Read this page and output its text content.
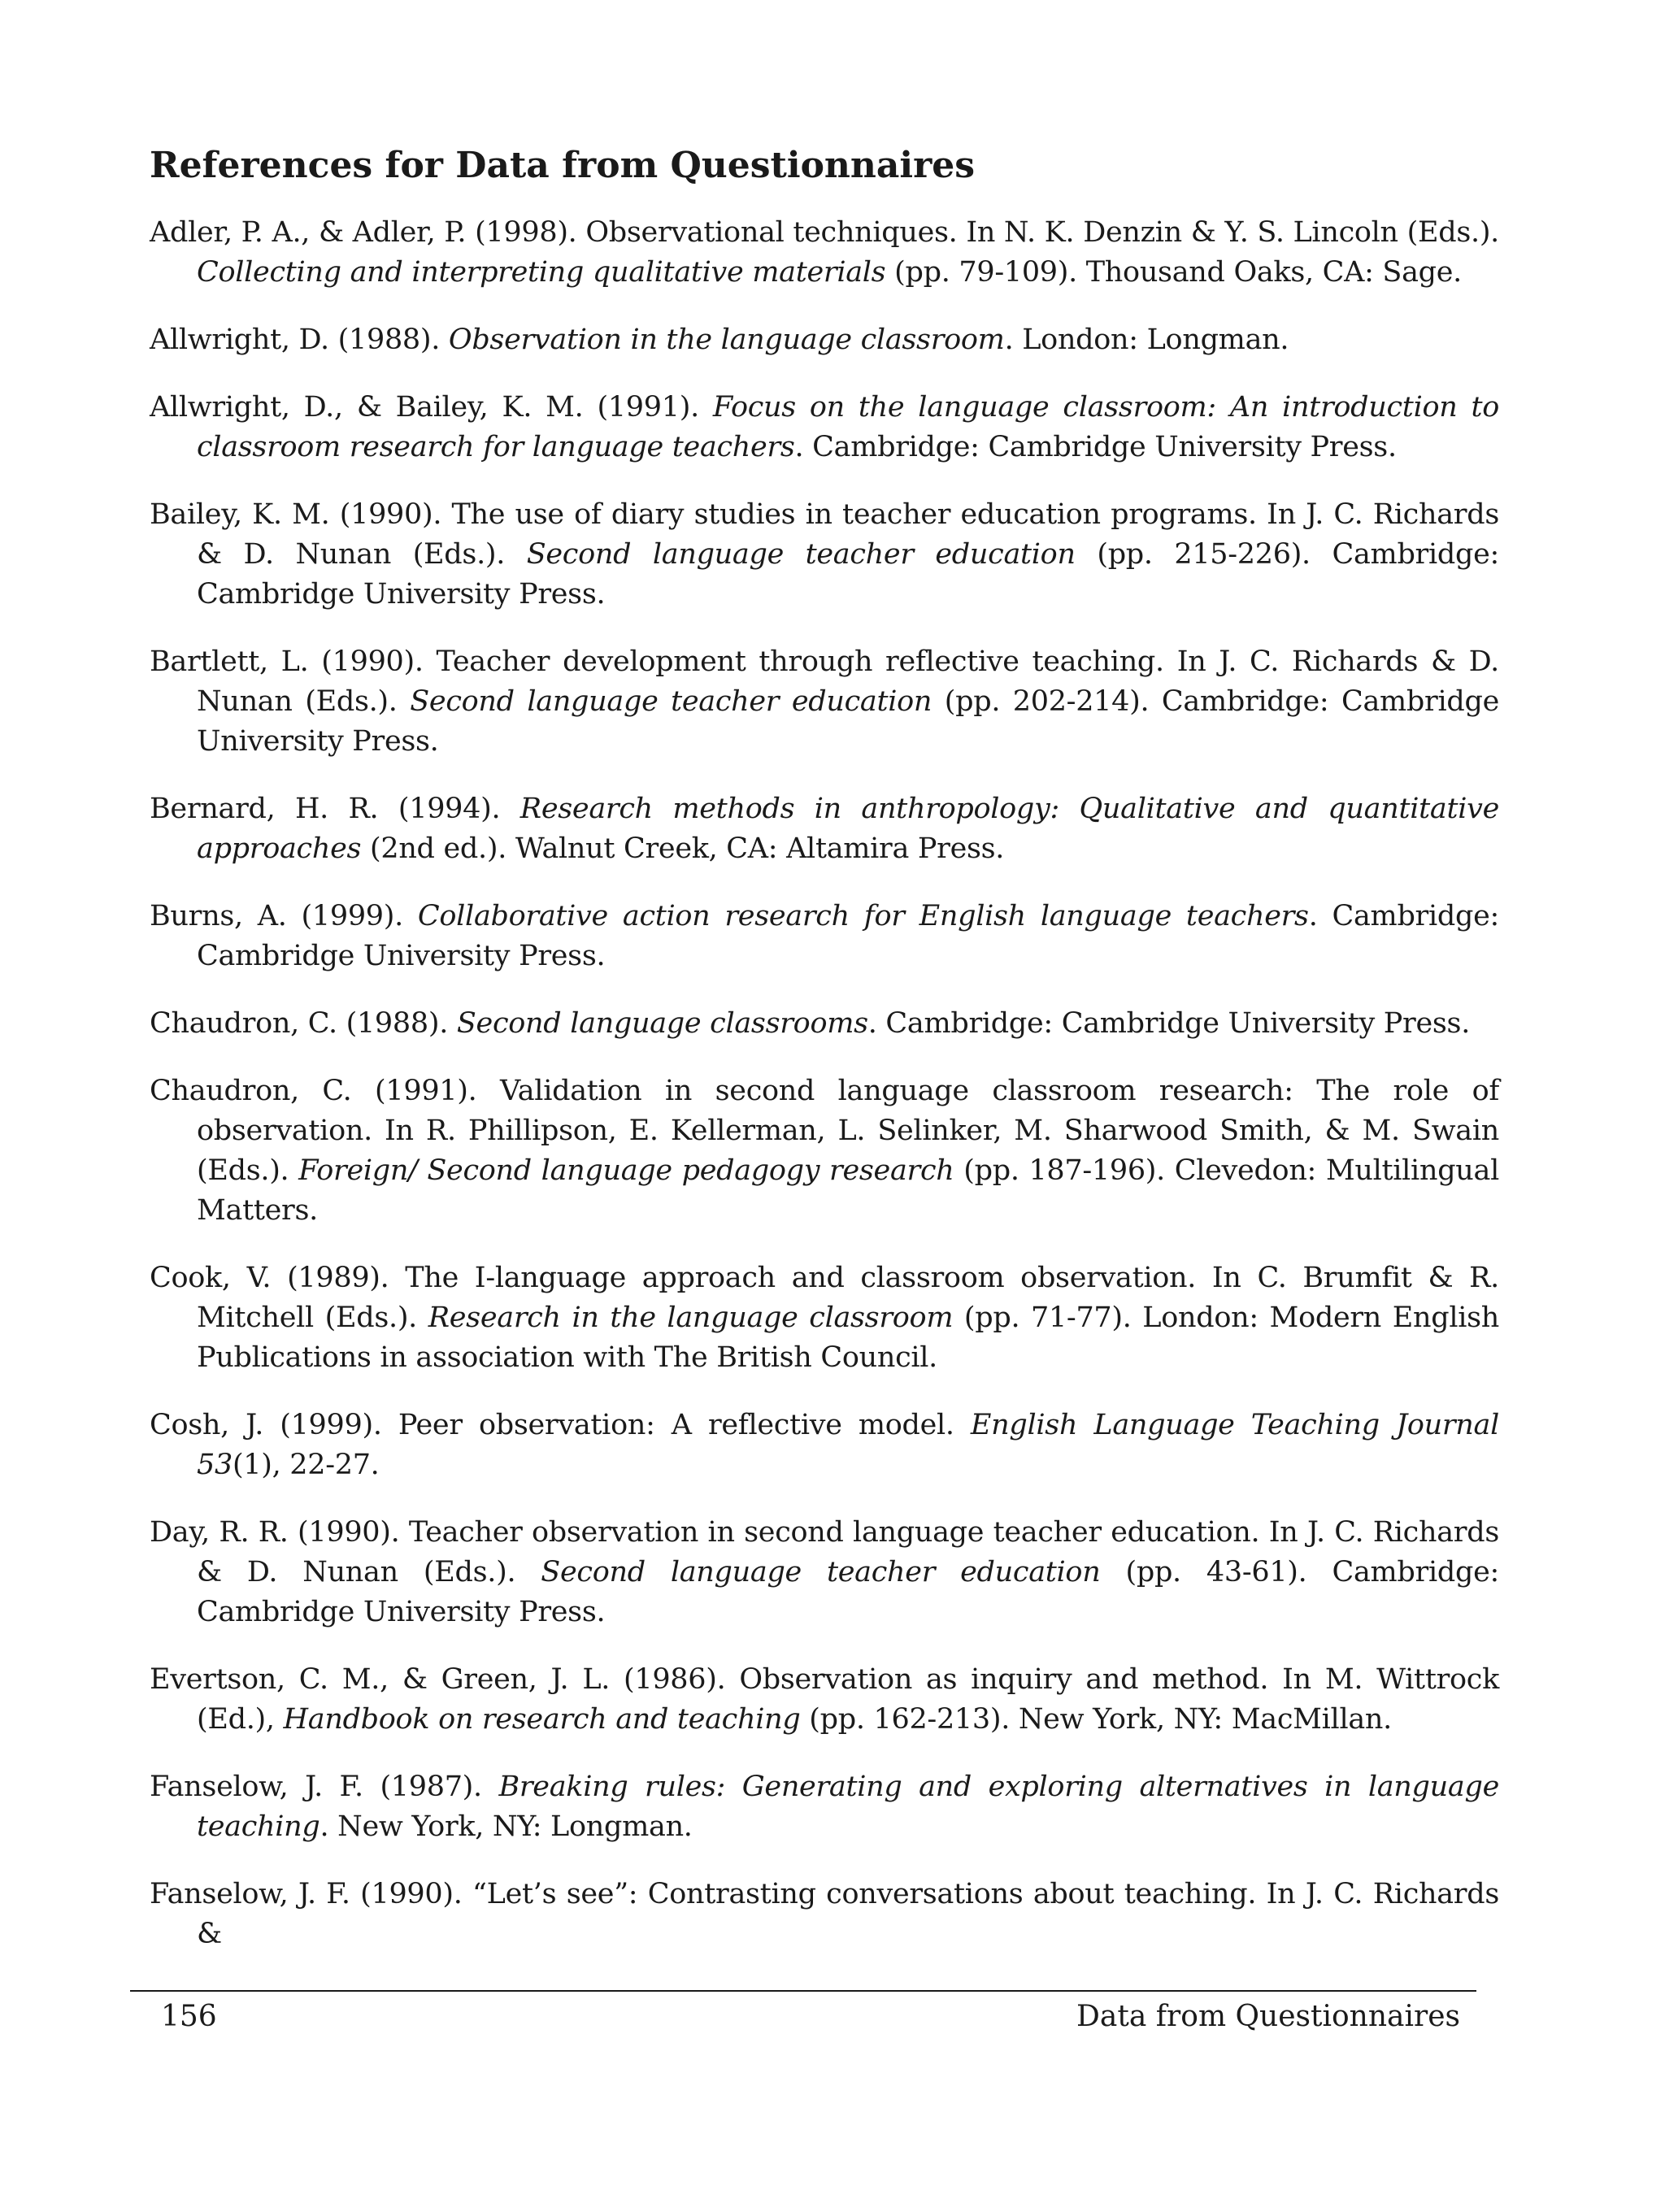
References for Data from Questionnaires

Adler, P. A., & Adler, P. (1998). Observational techniques. In N. K. Denzin & Y. S. Lincoln (Eds.). Collecting and interpreting qualitative materials (pp. 79-109). Thousand Oaks, CA: Sage.

Allwright, D. (1988). Observation in the language classroom. London: Longman.

Allwright, D., & Bailey, K. M. (1991). Focus on the language classroom: An introduction to classroom research for language teachers. Cambridge: Cambridge University Press.

Bailey, K. M. (1990). The use of diary studies in teacher education programs. In J. C. Richards & D. Nunan (Eds.). Second language teacher education (pp. 215-226). Cambridge: Cambridge University Press.

Bartlett, L. (1990). Teacher development through reflective teaching. In J. C. Richards & D. Nunan (Eds.). Second language teacher education (pp. 202-214). Cambridge: Cambridge University Press.

Bernard, H. R. (1994). Research methods in anthropology: Qualitative and quantitative approaches (2nd ed.). Walnut Creek, CA: Altamira Press.

Burns, A. (1999). Collaborative action research for English language teachers. Cambridge: Cambridge University Press.

Chaudron, C. (1988). Second language classrooms. Cambridge: Cambridge University Press.

Chaudron, C. (1991). Validation in second language classroom research: The role of observation. In R. Phillipson, E. Kellerman, L. Selinker, M. Sharwood Smith, & M. Swain (Eds.). Foreign/ Second language pedagogy research (pp. 187-196). Clevedon: Multilingual Matters.

Cook, V. (1989). The I-language approach and classroom observation. In C. Brumfit & R. Mitchell (Eds.). Research in the language classroom (pp. 71-77). London: Modern English Publications in association with The British Council.

Cosh, J. (1999). Peer observation: A reflective model. English Language Teaching Journal 53(1), 22-27.

Day, R. R. (1990). Teacher observation in second language teacher education. In J. C. Richards & D. Nunan (Eds.). Second language teacher education (pp. 43-61). Cambridge: Cambridge University Press.

Evertson, C. M., & Green, J. L. (1986). Observation as inquiry and method. In M. Wittrock (Ed.), Handbook on research and teaching (pp. 162-213). New York, NY: MacMillan.

Fanselow, J. F. (1987). Breaking rules: Generating and exploring alternatives in language teaching. New York, NY: Longman.

Fanselow, J. F. (1990). “Let’s see”: Contrasting conversations about teaching. In J. C. Richards &

156	Data from Questionnaires
